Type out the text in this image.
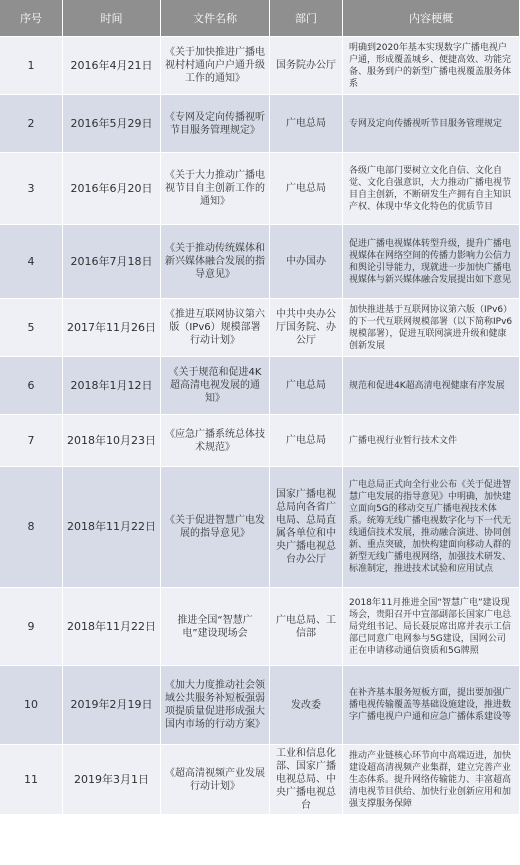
序号	时间	文件名称	部门	内容梗概
1	2016年4月21日	《关于加快推进广播电视村村通向户户通升级工作的通知》	国务院办公厅	明确到2020年基本实现数字广播电视户户通，形成覆盖城乡、便捷高效、功能完备、服务到户的新型广播电视覆盖服务体系
2	2016年5月29日	《专网及定向传播视听节目服务管理规定》	广电总局	专网及定向传播视听节目服务管理规定
3	2016年6月20日	《关于大力推动广播电视节目自主创新工作的通知》	广电总局	各级广电部门要树立文化自信、文化自觉、文化自强意识，大力推动广播电视节目自主创新，不断研发生产拥有自主知识产权、体现中华文化特色的优质节目
4	2016年7月18日	《关于推动传统媒体和新兴媒体融合发展的指导意见》	中办国办	促进广播电视媒体转型升级，提升广播电视媒体在网络空间的传播力影响力公信力和舆论引导能力，现就进一步加快广播电视媒体与新兴媒体融合发展提出如下意见
5	2017年11月26日	《推进互联网协议第六版（IPv6）规模部署行动计划》	中共中央办公厅国务院、办公厅	加快推进基于互联网协议第六版（IPv6）的下一代互联网规模部署（以下简称IPv6规模部署），促进互联网演进升级和健康创新发展
6	2018年1月12日	《关于规范和促进4K超高清电视发展的通知》	广电总局	规范和促进4K超高清电视健康有序发展
7	2018年10月23日	《应急广播系统总体技术规范》	广电总局	广播电视行业暂行技术文件
8	2018年11月22日	《关于促进智慧广电发展的指导意见》	国家广播电视总局向各省广电局、总局直属各单位和中央广播电视总台办公厅	广电总局正式向全行业公布《关于促进智慧广电发展的指导意见》中明确，加快建立面向5G的移动交互广播电视技术体系。统筹无线广播电视数字化与下一代无线通信技术发展，推动融合演进、协同创新、重点突破，加快构建面向移动人群的新型无线广播电视网络，加强技术研发、标准制定，推进技术试验和应用试点
9	2018年11月22日	推进全国“智慧广电”建设现场会	广电总局、工信部	2018年11月推进全国“智慧广电”建设现场会，贵阳召开中宣部副部长国家广电总局党组书记、局长聂辰席出席并表示工信部已同意广电网参与5G建设，国网公司正在申请移动通信资质和5G牌照
10	2019年2月19日	《加大力度推动社会领域公共服务补短板强弱项提质量促进形成强大国内市场的行动方案》	发改委	在补齐基本服务短板方面，提出要加强广播电视传输覆盖等基础设施建设，推进数字广播电视户户通和应急广播体系建设等
11	2019年3月1日	《超高清视频产业发展行动计划》	工业和信息化部、国家广播电视总局、中央广播电视总台	推动产业链核心环节向中高端迈进，加快建设超高清视频产业集群，建立完善产业生态体系。提升网络传输能力、丰富超高清电视节目供给、加快行业创新应用和加强支撑服务保障
